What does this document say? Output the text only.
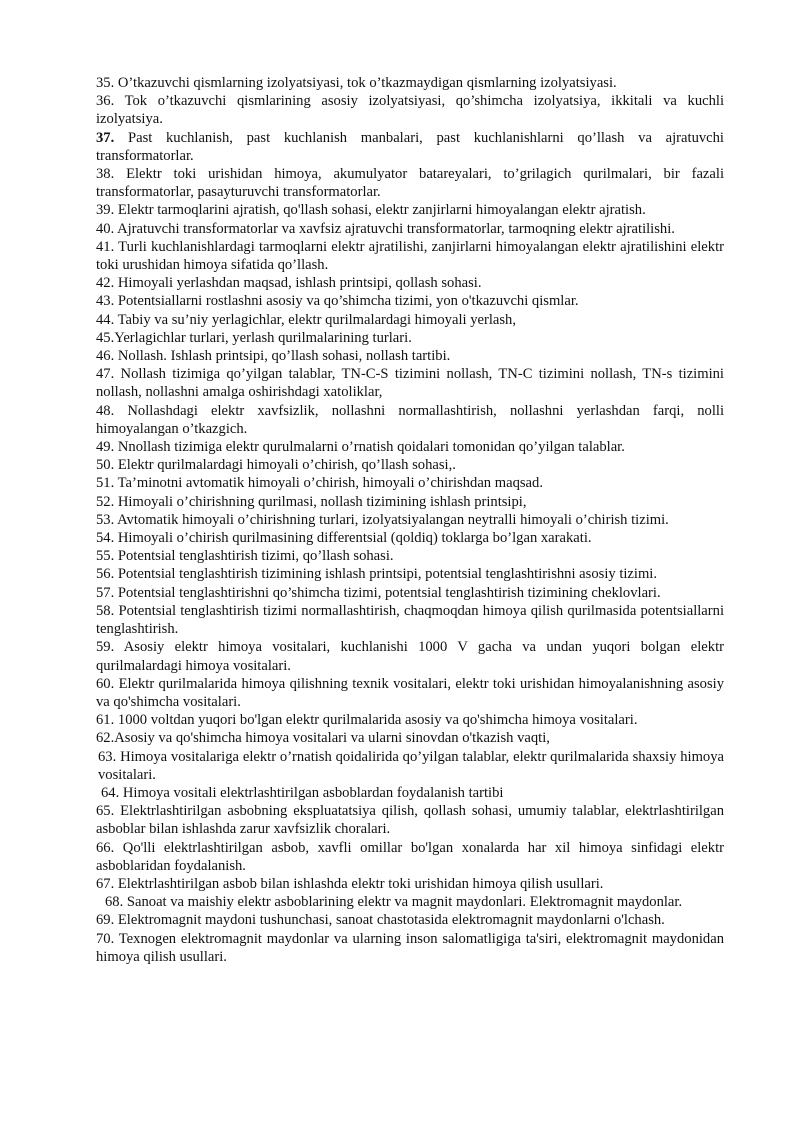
35. O’tkazuvchi qismlarning izolyatsiyasi, tok o’tkazmaydigan qismlarning izolyatsiyasi.

36. Tok o’tkazuvchi qismlarining asosiy izolyatsiyasi, qo’shimcha izolyatsiya, ikkitali va kuchli izolyatsiya.

37. Past kuchlanish, past kuchlanish manbalari, past kuchlanishlarni qo’llash va ajratuvchi transformatorlar.

38. Elektr toki urishidan himoya, akumulyator batareyalari, to’grilagich qurilmalari, bir fazali transformatorlar, pasayturuvchi transformatorlar.

39. Elektr tarmoqlarini ajratish, qo'llash sohasi, elektr zanjirlarni himoyalangan elektr ajratish.

40. Ajratuvchi transformatorlar va xavfsiz ajratuvchi transformatorlar, tarmoqning elektr ajratilishi.

41. Turli kuchlanishlardagi tarmoqlarni elektr ajratilishi, zanjirlarni himoyalangan elektr ajratilishini elektr toki urushidan himoya sifatida qo’llash.

42. Himoyali yerlashdan maqsad, ishlash printsipi, qollash sohasi.

43. Potentsiallarni rostlashni asosiy va qo’shimcha tizimi, yon o'tkazuvchi qismlar.

44. Tabiy va su’niy yerlagichlar, elektr qurilmalardagi himoyali yerlash,

45.Yerlagichlar turlari, yerlash qurilmalarining turlari.

46. Nollash. Ishlash printsipi, qo’llash sohasi, nollash tartibi.

47. Nollash tizimiga qo’yilgan talablar, TN-C-S tizimini nollash, TN-C tizimini nollash, TN-s tizimini nollash, nollashni amalga oshirishdagi xatoliklar,

48. Nollashdagi elektr xavfsizlik, nollashni normallashtirish, nollashni yerlashdan farqi, nolli himoyalangan o’tkazgich.

49. Nnollash tizimiga elektr qurulmalarni o’rnatish qoidalari tomonidan qo’yilgan talablar.

50. Elektr qurilmalardagi himoyali o’chirish, qo’llash sohasi,.

51. Ta’minotni avtomatik himoyali o’chirish, himoyali o’chirishdan maqsad.

52. Himoyali o’chirishning qurilmasi, nollash tizimining ishlash printsipi,

53. Avtomatik himoyali o’chirishning turlari, izolyatsiyalangan neytralli himoyali o’chirish tizimi.

54. Himoyali o’chirish qurilmasining differentsial (qoldiq) toklarga bo’lgan xarakati.

55. Potentsial tenglashtirish tizimi, qo’llash sohasi.

56. Potentsial tenglashtirish tizimining ishlash printsipi, potentsial tenglashtirishni asosiy tizimi.

57. Potentsial tenglashtirishni qo’shimcha tizimi, potentsial tenglashtirish tizimining cheklovlari.

58. Potentsial tenglashtirish tizimi normallashtirish, chaqmoqdan himoya qilish qurilmasida potentsiallarni tenglashtirish.

59. Asosiy elektr himoya vositalari, kuchlanishi 1000 V gacha va undan yuqori bolgan elektr qurilmalardagi himoya vositalari.

60. Elektr qurilmalarida himoya qilishning texnik vositalari, elektr toki urishidan himoyalanishning asosiy va qo'shimcha vositalari.

61. 1000 voltdan yuqori bo'lgan elektr qurilmalarida asosiy va qo'shimcha himoya vositalari.

62.Asosiy va qo'shimcha himoya vositalari va ularni sinovdan o'tkazish vaqti,

63. Himoya vositalariga elektr o’rnatish qoidalirida qo’yilgan talablar, elektr qurilmalarida shaxsiy himoya vositalari.

64. Himoya vositali elektrlashtirilgan asboblardan foydalanish tartibi

65. Elektrlashtirilgan asbobning ekspluatatsiya qilish, qollash sohasi, umumiy talablar, elektrlashtirilgan asboblar bilan ishlashda zarur xavfsizlik choralari.

66. Qo'lli elektrlashtirilgan asbob, xavfli omillar bo'lgan xonalarda har xil himoya sinfidagi elektr asboblaridan foydalanish.

67. Elektrlashtirilgan asbob bilan ishlashda elektr toki urishidan himoya qilish usullari.

68. Sanoat va maishiy elektr asboblarining elektr va magnit maydonlari. Elektromagnit maydonlar.

69. Elektromagnit maydoni tushunchasi, sanoat chastotasida elektromagnit maydonlarni o'lchash.

70. Texnogen elektromagnit maydonlar va ularning inson salomatligiga ta'siri, elektromagnit maydonidan himoya qilish usullari.
